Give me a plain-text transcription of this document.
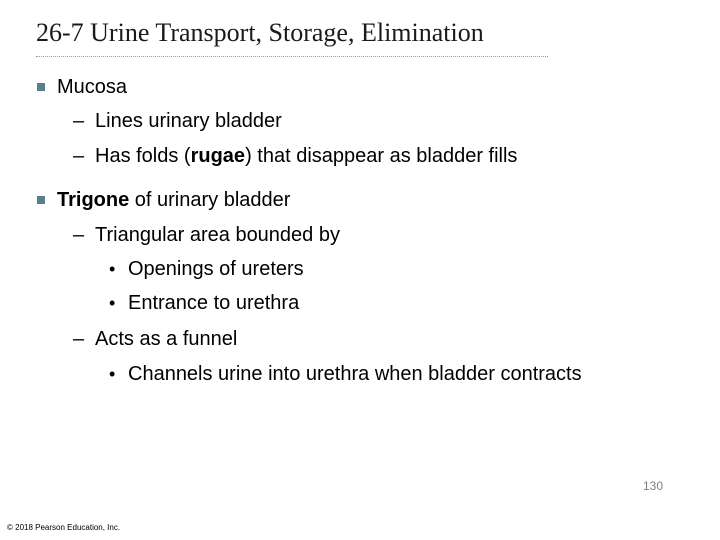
26-7 Urine Transport, Storage, Elimination
Mucosa
– Lines urinary bladder
– Has folds (rugae) that disappear as bladder fills
Trigone of urinary bladder
– Triangular area bounded by
• Openings of ureters
• Entrance to urethra
– Acts as a funnel
• Channels urine into urethra when bladder contracts
130
© 2018 Pearson Education, Inc.
